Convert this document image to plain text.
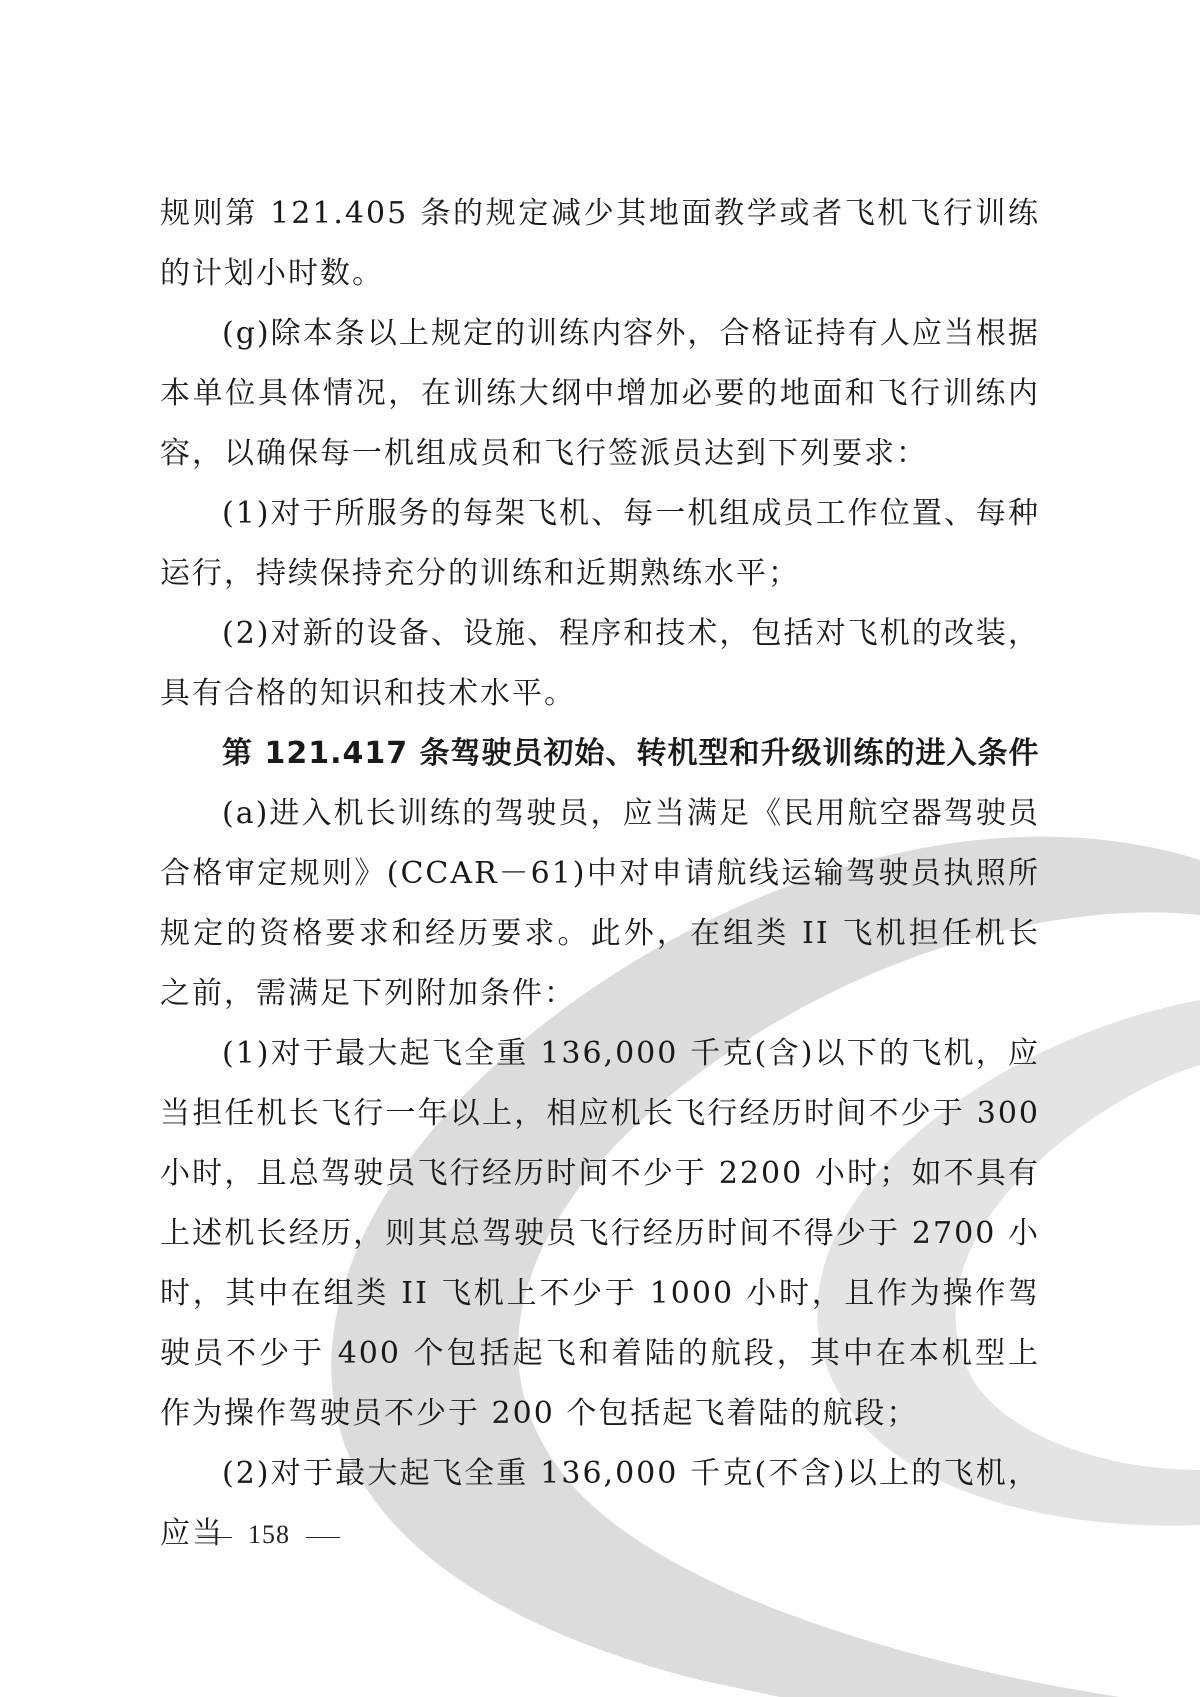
规则第 121.405 条的规定减少其地面教学或者飞机飞行训练的计划小时数。

(g)除本条以上规定的训练内容外，合格证持有人应当根据本单位具体情况，在训练大纲中增加必要的地面和飞行训练内容，以确保每一机组成员和飞行签派员达到下列要求：

(1)对于所服务的每架飞机、每一机组成员工作位置、每种运行，持续保持充分的训练和近期熟练水平；

(2)对新的设备、设施、程序和技术，包括对飞机的改装，具有合格的知识和技术水平。

第 121.417 条驾驶员初始、转机型和升级训练的进入条件

(a)进入机长训练的驾驶员，应当满足《民用航空器驾驶员合格审定规则》(CCAR－61)中对申请航线运输驾驶员执照所规定的资格要求和经历要求。此外，在组类 II 飞机担任机长之前，需满足下列附加条件：

(1)对于最大起飞全重 136,000 千克(含)以下的飞机，应当担任机长飞行一年以上，相应机长飞行经历时间不少于 300 小时，且总驾驶员飞行经历时间不少于 2200 小时；如不具有上述机长经历，则其总驾驶员飞行经历时间不得少于 2700 小时，其中在组类 II 飞机上不少于 1000 小时，且作为操作驾驶员不少于 400 个包括起飞和着陆的航段，其中在本机型上作为操作驾驶员不少于 200 个包括起飞着陆的航段；

(2)对于最大起飞全重 136,000 千克(不含)以上的飞机，应当 158
